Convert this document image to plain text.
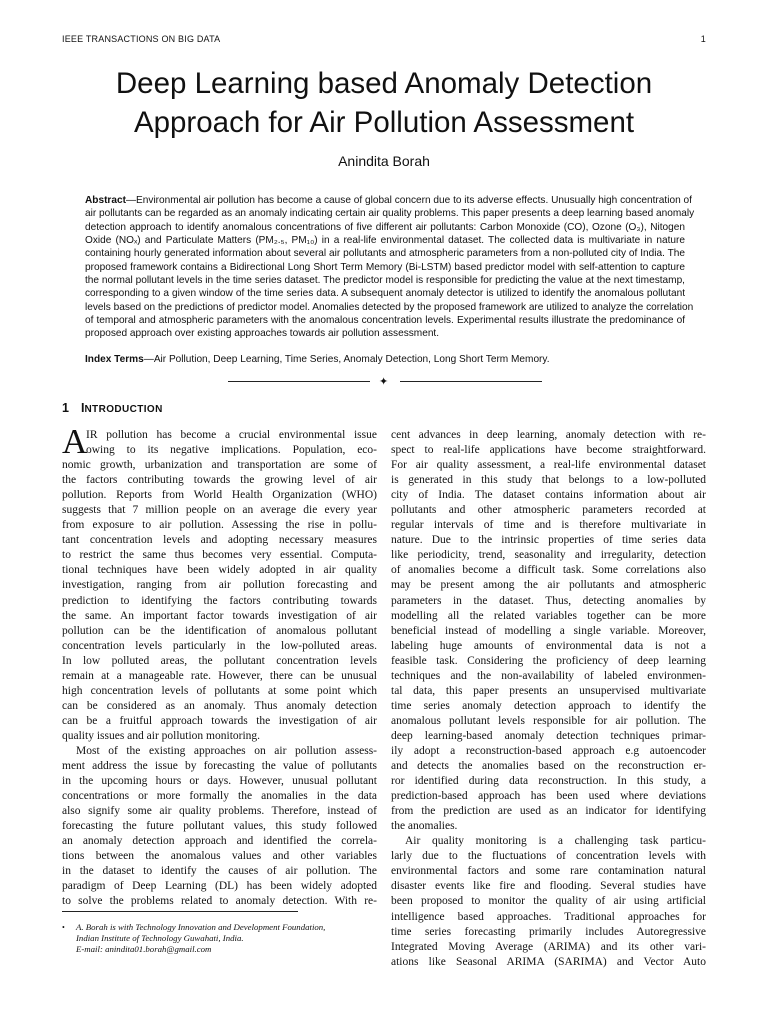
IEEE TRANSACTIONS ON BIG DATA	1
Deep Learning based Anomaly Detection
Approach for Air Pollution Assessment
Anindita Borah
Abstract—Environmental air pollution has become a cause of global concern due to its adverse effects. Unusually high concentration of
air pollutants can be regarded as an anomaly indicating certain air quality problems. This paper presents a deep learning based anomaly
detection approach to identify anomalous concentrations of five different air pollutants: Carbon Monoxide (CO), Ozone (O₃), Nitogen
Oxide (NOₓ) and Particulate Matters (PM₂.₅, PM₁₀) in a real-life environmental dataset. The collected data is multivariate in nature
containing hourly generated information about several air pollutants and atmospheric parameters from a non-polluted city of India. The
proposed framework contains a Bidirectional Long Short Term Memory (Bi-LSTM) based predictor model with self-attention to capture
the normal pollutant levels in the time series dataset. The predictor model is responsible for predicting the value at the next timestamp,
corresponding to a given window of the time series data. A subsequent anomaly detector is utilized to identify the anomalous pollutant
levels based on the predictions of predictor model. Anomalies detected by the proposed framework are utilized to analyze the correlation
of temporal and atmospheric parameters with the anomalous concentration levels. Experimental results illustrate the predominance of
proposed approach over existing approaches towards air pollution assessment.
Index Terms—Air Pollution, Deep Learning, Time Series, Anomaly Detection, Long Short Term Memory.
✦
1 INTRODUCTION
A
IR pollution has become a crucial environmental issue
owing to its negative implications. Population, eco-
nomic growth, urbanization and transportation are some of
the factors contributing towards the growing level of air
pollution. Reports from World Health Organization (WHO)
suggests that 7 million people on an average die every year
from exposure to air pollution. Assessing the rise in pollu-
tant concentration levels and adopting necessary measures
to restrict the same thus becomes very essential. Computa-
tional techniques have been widely adopted in air quality
investigation, ranging from air pollution forecasting and
prediction to identifying the factors contributing towards
the same. An important factor towards investigation of air
pollution can be the identification of anomalous pollutant
concentration levels particularly in the low-polluted areas.
In low polluted areas, the pollutant concentration levels
remain at a manageable rate. However, there can be unusual
high concentration levels of pollutants at some point which
can be considered as an anomaly. Thus anomaly detection
can be a fruitful approach towards the investigation of air
quality issues and air pollution monitoring.
Most of the existing approaches on air pollution assess-
ment address the issue by forecasting the value of pollutants
in the upcoming hours or days. However, unusual pollutant
concentrations or more formally the anomalies in the data
also signify some air quality problems. Therefore, instead of
forecasting the future pollutant values, this study followed
an anomaly detection approach and identified the correla-
tions between the anomalous values and other variables
in the dataset to identify the causes of air pollution. The
paradigm of Deep Learning (DL) has been widely adopted
to solve the problems related to anomaly detection. With re-
cent advances in deep learning, anomaly detection with re-
spect to real-life applications have become straightforward.
For air quality assessment, a real-life environmental dataset
is generated in this study that belongs to a low-polluted
city of India. The dataset contains information about air
pollutants and other atmospheric parameters recorded at
regular intervals of time and is therefore multivariate in
nature. Due to the intrinsic properties of time series data
like periodicity, trend, seasonality and irregularity, detection
of anomalies become a difficult task. Some correlations also
may be present among the air pollutants and atmospheric
parameters in the dataset. Thus, detecting anomalies by
modelling all the related variables together can be more
beneficial instead of modelling a single variable. Moreover,
labeling huge amounts of environmental data is not a
feasible task. Considering the proficiency of deep learning
techniques and the non-availability of labeled environmen-
tal data, this paper presents an unsupervised multivariate
time series anomaly detection approach to identify the
anomalous pollutant levels responsible for air pollution. The
deep learning-based anomaly detection techniques primar-
ily adopt a reconstruction-based approach e.g autoencoder
and detects the anomalies based on the reconstruction er-
ror identified during data reconstruction. In this study, a
prediction-based approach has been used where deviations
from the prediction are used as an indicator for identifying
the anomalies.
Air quality monitoring is a challenging task particu-
larly due to the fluctuations of concentration levels with
environmental factors and some rare contamination natural
disaster events like fire and flooding. Several studies have
been proposed to monitor the quality of air using artificial
intelligence based approaches. Traditional approaches for
time series forecasting primarily includes Autoregressive
Integrated Moving Average (ARIMA) and its other vari-
ations like Seasonal ARIMA (SARIMA) and Vector Auto
•	A. Borah is with Technology Innovation and Development Foundation,
Indian Institute of Technology Guwahati, India.
E-mail: anindita01.borah@gmail.com
